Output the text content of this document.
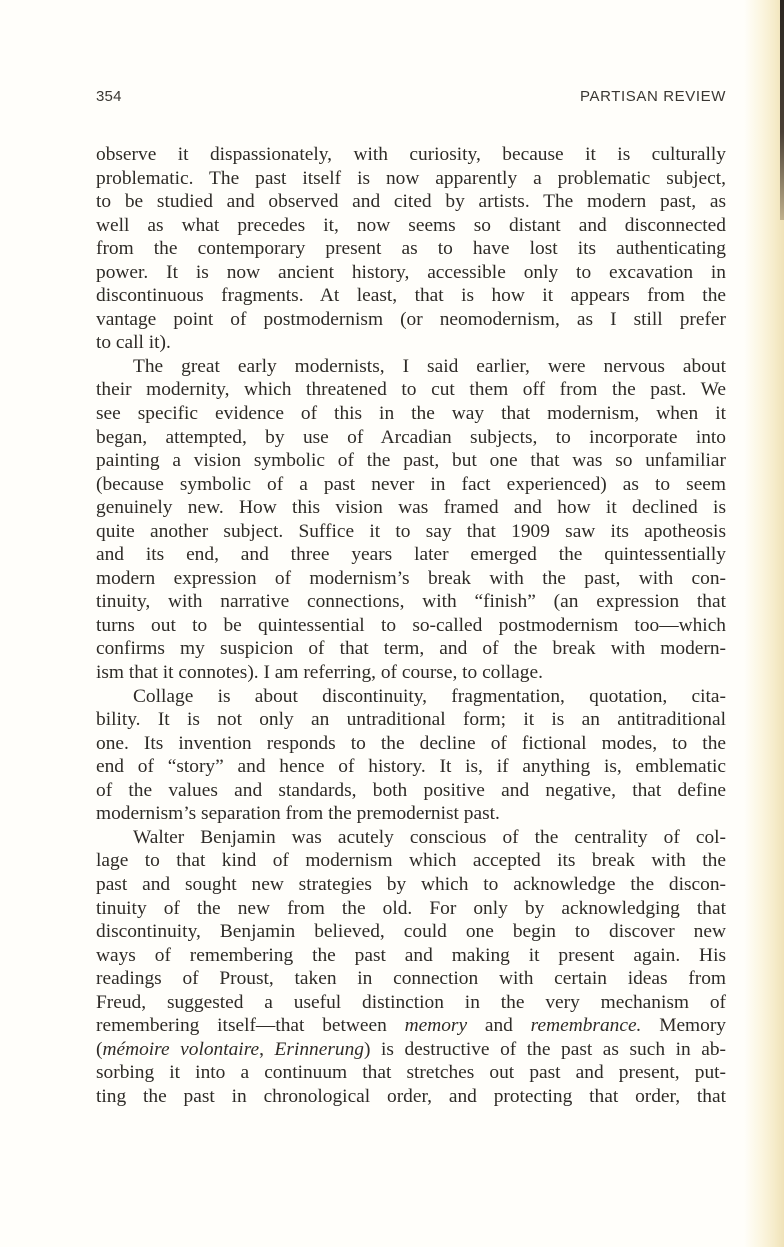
354	PARTISAN REVIEW
observe it dispassionately, with curiosity, because it is culturally
problematic. The past itself is now apparently a problematic subject,
to be studied and observed and cited by artists. The modern past, as
well as what precedes it, now seems so distant and disconnected
from the contemporary present as to have lost its authenticating
power. It is now ancient history, accessible only to excavation in
discontinuous fragments. At least, that is how it appears from the
vantage point of postmodernism (or neomodernism, as I still prefer
to call it).
The great early modernists, I said earlier, were nervous about
their modernity, which threatened to cut them off from the past. We
see specific evidence of this in the way that modernism, when it
began, attempted, by use of Arcadian subjects, to incorporate into
painting a vision symbolic of the past, but one that was so unfamiliar
(because symbolic of a past never in fact experienced) as to seem
genuinely new. How this vision was framed and how it declined is
quite another subject. Suffice it to say that 1909 saw its apotheosis
and its end, and three years later emerged the quintessentially
modern expression of modernism’s break with the past, with con-
tinuity, with narrative connections, with “finish” (an expression that
turns out to be quintessential to so-called postmodernism too—which
confirms my suspicion of that term, and of the break with modern-
ism that it connotes). I am referring, of course, to collage.
Collage is about discontinuity, fragmentation, quotation, cita-
bility. It is not only an untraditional form; it is an antitraditional
one. Its invention responds to the decline of fictional modes, to the
end of “story” and hence of history. It is, if anything is, emblematic
of the values and standards, both positive and negative, that define
modernism’s separation from the premodernist past.
Walter Benjamin was acutely conscious of the centrality of col-
lage to that kind of modernism which accepted its break with the
past and sought new strategies by which to acknowledge the discon-
tinuity of the new from the old. For only by acknowledging that
discontinuity, Benjamin believed, could one begin to discover new
ways of remembering the past and making it present again. His
readings of Proust, taken in connection with certain ideas from
Freud, suggested a useful distinction in the very mechanism of
remembering itself—that between memory and remembrance. Memory
(mémoire volontaire, Erinnerung) is destructive of the past as such in ab-
sorbing it into a continuum that stretches out past and present, put-
ting the past in chronological order, and protecting that order, that
